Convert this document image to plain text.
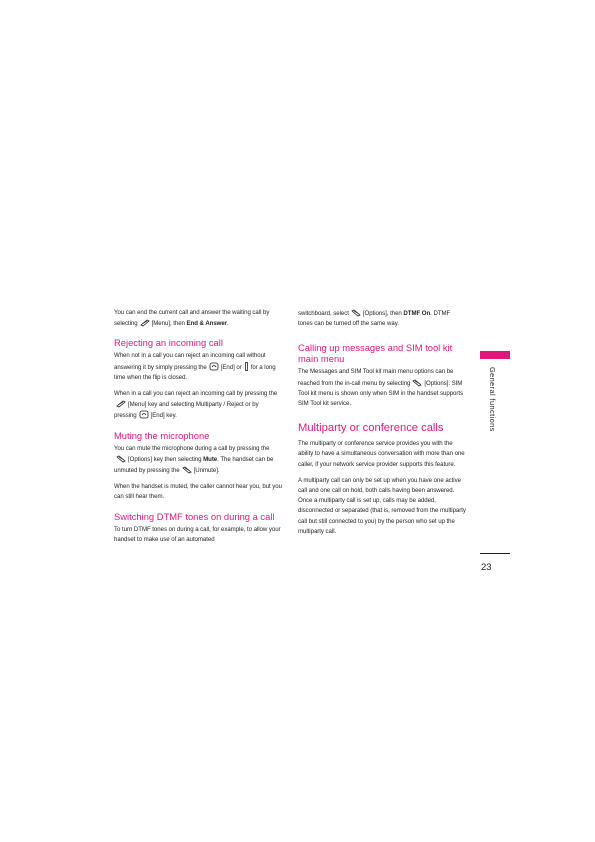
You can end the current call and answer the waiting call by selecting [Menu], then End & Answer.

Rejecting an incoming call

When not in a call you can reject an incoming call without answering it by simply pressing the [End] or for a long time when the flip is closed.

When in a call you can reject an incoming call by pressing the[Menu] key and selecting Multiparty / Reject or by pressing [End] key.

Muting the microphone

You can mute the microphone during a call by pressing the[Options] key then selecting Mute. The handset can be unmuted by pressing the [Unmute].

When the handset is muted, the caller cannot hear you, but you can still hear them.

Switching DTMF tones on during a call

To turn DTMF tones on during a call, for example, to allow your handset to make use of an automated

switchboard, select [Options], then DTMF On. DTMF tones can be turned off the same way.

Calling up messages and SIM tool kit main menu

The Messages and SIM Tool kit main menu options can be reached from the in-call menu by selecting [Options]. SIM Tool kit menu is shown only when SIM in the handset supports SIM Tool kit service.

Multiparty or conference calls

The multiparty or conference service provides you with the ability to have a simultaneous conversation with more than one caller, if your network service provider supports this feature.

A multiparty call can only be set up when you have one active call and one call on hold, both calls having been answered. Once a multiparty call is set up, calls may be added, disconnected or separated (that is, removed from the multiparty call but still connected to you) by the person who set up the multiparty call.

General functions
23
